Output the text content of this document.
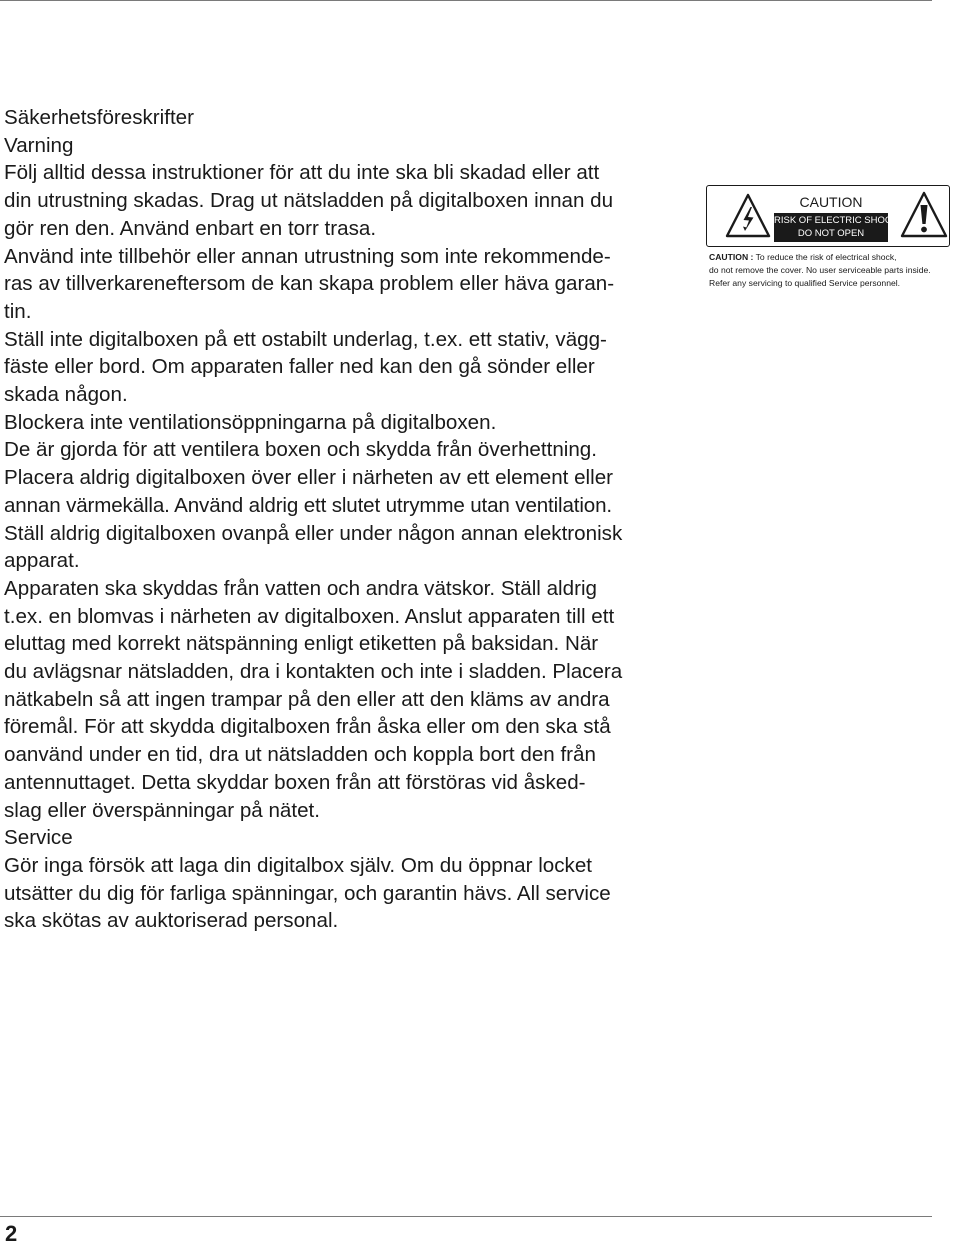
Säkerhetsföreskrifter
Varning
Följ alltid dessa instruktioner för att du inte ska bli skadad eller att
din utrustning skadas. Drag ut nätsladden på digitalboxen innan du
gör ren den. Använd enbart en torr trasa.
Använd inte tillbehör eller annan utrustning som inte rekommende-
ras av tillverkareneftersom de kan skapa problem eller häva garan-
tin.
Ställ inte digitalboxen på ett ostabilt underlag, t.ex. ett stativ, vägg-
fäste eller bord. Om apparaten faller ned kan den gå sönder eller
skada någon.
Blockera inte ventilationsöppningarna på digitalboxen.
De är gjorda för att ventilera boxen och skydda från överhettning.
Placera aldrig digitalboxen över eller i närheten av ett element eller
annan värmekälla. Använd aldrig ett slutet utrymme utan ventilation.
Ställ aldrig digitalboxen ovanpå eller under någon annan elektronisk
apparat.
Apparaten ska skyddas från vatten och andra vätskor. Ställ aldrig
t.ex. en blomvas i närheten av digitalboxen. Anslut apparaten till ett
eluttag med korrekt nätspänning enligt etiketten på baksidan. När
du avlägsnar nätsladden, dra i kontakten och inte i sladden. Placera
nätkabeln så att ingen trampar på den eller att den kläms av andra
föremål. För att skydda digitalboxen från åska eller om den ska stå
oanvänd under en tid, dra ut nätsladden och koppla bort den från
antennuttaget. Detta skyddar boxen från att förstöras vid åsked-
slag eller överspänningar på nätet.
Service
Gör inga försök att laga din digitalbox själv. Om du öppnar locket
utsätter du dig för farliga spänningar, och garantin hävs. All service
ska skötas av auktoriserad personal.
CAUTION
RISK OF ELECTRIC SHOCK
DO NOT OPEN
CAUTION : To reduce the risk of electrical shock,
do not remove the cover. No user serviceable parts inside.
Refer any servicing to qualified Service personnel.
2
